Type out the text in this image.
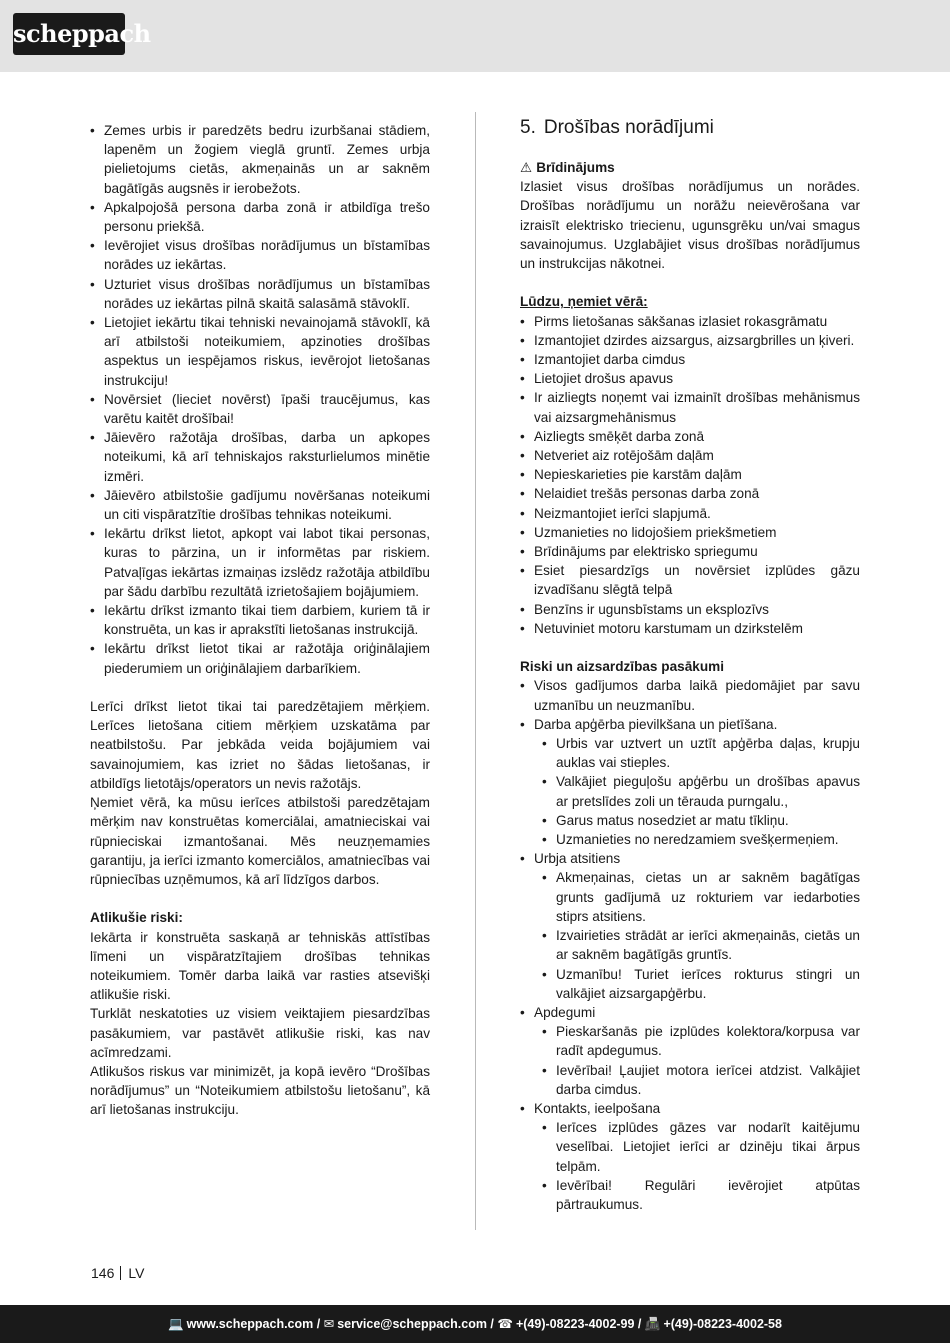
scheppach
• Zemes urbis ir paredzēts bedru izurbšanai stādiem, lapenēm un žogiem vieglā gruntī. Zemes urbja pielietojums cietās, akmeņainās un ar saknēm bagātīgās augsnēs ir ierobežots.
• Apkalpojošā persona darba zonā ir atbildīga trešo personu priekšā.
• Ievērojiet visus drošības norādījumus un bīstamības norādes uz iekārtas.
• Uzturiet visus drošības norādījumus un bīstamības norādes uz iekārtas pilnā skaitā salasāmā stāvoklī.
• Lietojiet iekārtu tikai tehniski nevainojamā stāvoklī, kā arī atbilstoši noteikumiem, apzinoties drošības aspektus un iespējamos riskus, ievērojot lietošanas instrukciju!
• Novērsiet (lieciet novērst) īpaši traucējumus, kas varētu kaitēt drošībai!
• Jāievēro ražotāja drošības, darba un apkopes noteikumi, kā arī tehniskajos raksturlielumos minētie izmēri.
• Jāievēro atbilstošie gadījumu novēršanas noteikumi un citi vispāratzītie drošības tehnikas noteikumi.
• Iekārtu drīkst lietot, apkopt vai labot tikai personas, kuras to pārzina, un ir informētas par riskiem. Patvaļīgas iekārtas izmaiņas izslēdz ražotāja atbildību par šādu darbību rezultātā izrietošajiem bojājumiem.
• Iekārtu drīkst izmanto tikai tiem darbiem, kuriem tā ir konstruēta, un kas ir aprakstīti lietošanas instrukcijā.
• Iekārtu drīkst lietot tikai ar ražotāja oriģinālajiem piederumiem un oriģinālajiem darbarīkiem.

Lerīci drīkst lietot tikai tai paredzētajiem mērķiem. Lerīces lietošana citiem mērķiem uzskatāma par neatbilstošu. Par jebkāda veida bojājumiem vai savainojumiem, kas izriet no šādas lietošanas, ir atbildīgs lietotājs/operators un nevis ražotājs.

Ņemiet vērā, ka mūsu ierīces atbilstoši paredzētajam mērķim nav konstruētas komerciālai, amatnieciskai vai rūpnieciskai izmantošanai. Mēs neuzņemamies garantiju, ja ierīci izmanto komerciālos, amatniecības vai rūpniecības uzņēmumos, kā arī līdzīgos darbos.

Atlikušie riski:

Iekārta ir konstruēta saskaņā ar tehniskās attīstības līmeni un vispāratzītajiem drošības tehnikas noteikumiem. Tomēr darba laikā var rasties atsevišķi atlikušie riski.

Turklāt neskatoties uz visiem veiktajiem piesardzības pasākumiem, var pastāvēt atlikušie riski, kas nav acīmredzami.

Atlikušos riskus var minimizēt, ja kopā ievēro “Drošības norādījumus” un “Noteikumiem atbilstošu lietošanu”, kā arī lietošanas instrukciju.

5. Drošības norādījumi

⚠ Brīdinājums

Izlasiet visus drošības norādījumus un norādes. Drošības norādījumu un norāžu neievērošana var izraisīt elektrisko triecienu, ugunsgrēku un/vai smagus savainojumus. Uzglabājiet visus drošības norādījumus un instrukcijas nākotnei.

Lūdzu, ņemiet vērā:

• Pirms lietošanas sākšanas izlasiet rokasgrāmatu
• Izmantojiet dzirdes aizsargus, aizsargbrilles un ķiveri.
• Izmantojiet darba cimdus
• Lietojiet drošus apavus
• Ir aizliegts noņemt vai izmainīt drošības mehānismus vai aizsargmehānismus
• Aizliegts smēķēt darba zonā
• Netveriet aiz rotējošām daļām
• Nepieskarieties pie karstām daļām
• Nelaidiet trešās personas darba zonā
• Neizmantojiet ierīci slapjumā.
• Uzmanieties no lidojošiem priekšmetiem
• Brīdinājums par elektrisko spriegumu
• Esiet piesardzīgs un novērsiet izplūdes gāzu izvadīšanu slēgtā telpā
• Benzīns ir ugunsbīstams un eksplozīvs
• Netuviniet motoru karstumam un dzirkstelēm

Riski un aizsardzības pasākumi

• Visos gadījumos darba laikā piedomājiet par savu uzmanību un neuzmanību.
• Darba apģērba pievilkšana un pietīšana.
• Urbis var uztvert un uztīt apģērba daļas, krupju auklas vai stieples.
• Valkājiet pieguļošu apģērbu un drošības apavus ar pretslīdes zoli un tērauda purngalu.,
• Garus matus nosedziet ar matu tīkliņu.
• Uzmanieties no neredzamiem svešķermeņiem.
• Urbja atsitiens
• Akmeņainas, cietas un ar saknēm bagātīgas grunts gadījumā uz rokturiem var iedarboties stiprs atsitiens.
• Izvairieties strādāt ar ierīci akmeņainās, cietās un ar saknēm bagātīgās gruntīs.
• Uzmanību! Turiet ierīces rokturus stingri un valkājiet aizsargapģērbu.
• Apdegumi
• Pieskaršanās pie izplūdes kolektora/korpusa var radīt apdegumus.
• Ievērībai! Ļaujiet motora ierīcei atdzist. Valkājiet darba cimdus.
• Kontakts, ieelpošana
• Ierīces izplūdes gāzes var nodarīt kaitējumu veselībai. Lietojiet ierīci ar dzinēju tikai ārpus telpām.
• Ievērībai! Regulāri ievērojiet atpūtas pārtraukumus.
146 LV
💻 www.scheppach.com / ✉ service@scheppach.com / ☎ +(49)-08223-4002-99 / 📠 +(49)-08223-4002-58
